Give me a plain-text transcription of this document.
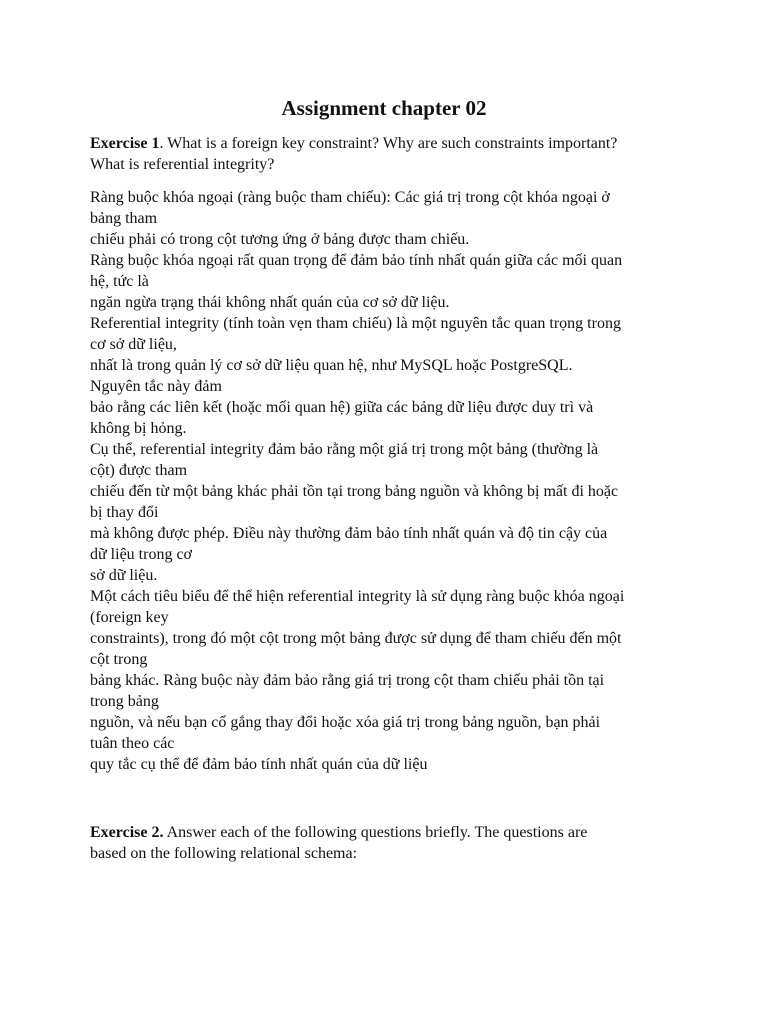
Assignment chapter 02
Exercise 1. What is a foreign key constraint? Why are such constraints important?
What is referential integrity?
Ràng buộc khóa ngoại (ràng buộc tham chiếu): Các giá trị trong cột khóa ngoại ở
bảng tham
chiếu phải có trong cột tương ứng ở bảng được tham chiếu.
Ràng buộc khóa ngoại rất quan trọng để đảm bảo tính nhất quán giữa các mối quan
hệ, tức là
ngăn ngừa trạng thái không nhất quán của cơ sở dữ liệu.
Referential integrity (tính toàn vẹn tham chiếu) là một nguyên tắc quan trọng trong
cơ sở dữ liệu,
nhất là trong quản lý cơ sở dữ liệu quan hệ, như MySQL hoặc PostgreSQL.
Nguyên tắc này đảm
bảo rằng các liên kết (hoặc mối quan hệ) giữa các bảng dữ liệu được duy trì và
không bị hỏng.
Cụ thể, referential integrity đảm bảo rằng một giá trị trong một bảng (thường là
cột) được tham
chiếu đến từ một bảng khác phải tồn tại trong bảng nguồn và không bị mất đi hoặc
bị thay đổi
mà không được phép. Điều này thường đảm bảo tính nhất quán và độ tin cậy của
dữ liệu trong cơ
sở dữ liệu.
Một cách tiêu biểu để thể hiện referential integrity là sử dụng ràng buộc khóa ngoại
(foreign key
constraints), trong đó một cột trong một bảng được sử dụng để tham chiếu đến một
cột trong
bảng khác. Ràng buộc này đảm bảo rằng giá trị trong cột tham chiếu phải tồn tại
trong bảng
nguồn, và nếu bạn cố gắng thay đổi hoặc xóa giá trị trong bảng nguồn, bạn phải
tuân theo các
quy tắc cụ thể để đảm bảo tính nhất quán của dữ liệu
Exercise 2. Answer each of the following questions briefly. The questions are
based on the following relational schema:
